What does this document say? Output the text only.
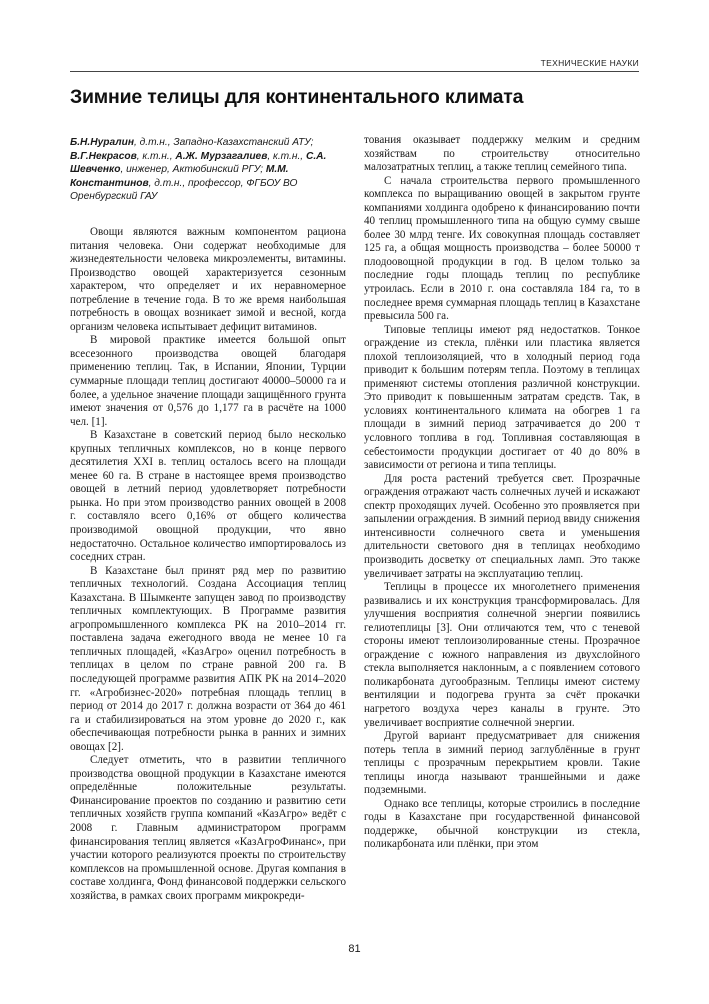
ТЕХНИЧЕСКИЕ НАУКИ
Зимние телицы для континентального климата

Б.Н.Нуралин, д.т.н., Западно-Казахстанский АТУ; В.Г.Некрасов, к.т.н., А.Ж. Мурзагалиев, к.т.н., С.А. Шевченко, инженер, Актюбинский РГУ; М.М. Константинов, д.т.н., профессор, ФГБОУ ВО Оренбургский ГАУ

Овощи являются важным компонентом рациона питания человека. Они содержат необходимые для жизнедеятельности человека микроэлементы, витамины. Производство овощей характеризуется сезонным характером, что определяет и их неравномерное потребление в течение года. В то же время наибольшая потребность в овощах возникает зимой и весной, когда организм человека испытывает дефицит витаминов.

В мировой практике имеется большой опыт всесезонного производства овощей благодаря применению теплиц. Так, в Испании, Японии, Турции суммарные площади теплиц достигают 40000–50000 га и более, а удельное значение площади защищённого грунта имеют значения от 0,576 до 1,177 га в расчёте на 1000 чел. [1].

В Казахстане в советский период было несколько крупных тепличных комплексов, но в конце первого десятилетия XXI в. теплиц осталось всего на площади менее 60 га. В стране в настоящее время производство овощей в летний период удовлетворяет потребности рынка. Но при этом производство ранних овощей в 2008 г. составляло всего 0,16% от общего количества производимой овощной продукции, что явно недостаточно. Остальное количество импортировалось из соседних стран.

В Казахстане был принят ряд мер по развитию тепличных технологий. Создана Ассоциация теплиц Казахстана. В Шымкенте запущен завод по производству тепличных комплектующих. В Программе развития агропромышленного комплекса РК на 2010–2014 гг. поставлена задача ежегодного ввода не менее 10 га тепличных площадей, «КазАгро» оценил потребность в теплицах в целом по стране равной 200 га. В последующей программе развития АПК РК на 2014–2020 гг. «Агробизнес-2020» потребная площадь теплиц в период от 2014 до 2017 г. должна возрасти от 364 до 461 га и стабилизироваться на этом уровне до 2020 г., как обеспечивающая потребности рынка в ранних и зимних овощах [2].

Следует отметить, что в развитии тепличного производства овощной продукции в Казахстане имеются определённые положительные результаты. Финансирование проектов по созданию и развитию сети тепличных хозяйств группа компаний «КазАгро» ведёт с 2008 г. Главным администратором программ финансирования теплиц является «КазАгроФинанс», при участии которого реализуются проекты по строительству комплексов на промышленной основе. Другая компания в составе холдинга, Фонд финансовой поддержки сельского хозяйства, в рамках своих программ микрокреди-

тования оказывает поддержку мелким и средним хозяйствам по строительству относительно малозатратных теплиц, а также теплиц семейного типа.

С начала строительства первого промышленного комплекса по выращиванию овощей в закрытом грунте компаниями холдинга одобрено к финансированию почти 40 теплиц промышленного типа на общую сумму свыше более 30 млрд тенге. Их совокупная площадь составляет 125 га, а общая мощность производства – более 50000 т плодоовощной продукции в год. В целом только за последние годы площадь теплиц по республике утроилась. Если в 2010 г. она составляла 184 га, то в последнее время суммарная площадь теплиц в Казахстане превысила 500 га.

Типовые теплицы имеют ряд недостатков. Тонкое ограждение из стекла, плёнки или пластика является плохой теплоизоляцией, что в холодный период года приводит к большим потерям тепла. Поэтому в теплицах применяют системы отопления различной конструкции. Это приводит к повышенным затратам средств. Так, в условиях континентального климата на обогрев 1 га площади в зимний период затрачивается до 200 т условного топлива в год. Топливная составляющая в себестоимости продукции достигает от 40 до 80% в зависимости от региона и типа теплицы.

Для роста растений требуется свет. Прозрачные ограждения отражают часть солнечных лучей и искажают спектр проходящих лучей. Особенно это проявляется при запылении ограждения. В зимний период ввиду снижения интенсивности солнечного света и уменьшения длительности светового дня в теплицах необходимо производить досветку от специальных ламп. Это также увеличивает затраты на эксплуатацию теплиц.

Теплицы в процессе их многолетнего применения развивались и их конструкция трансформировалась. Для улучшения восприятия солнечной энергии появились гелиотеплицы [3]. Они отличаются тем, что с теневой стороны имеют теплоизолированные стены. Прозрачное ограждение с южного направления из двухслойного стекла выполняется наклонным, а с появлением сотового поликарбоната дугообразным. Теплицы имеют систему вентиляции и подогрева грунта за счёт прокачки нагретого воздуха через каналы в грунте. Это увеличивает восприятие солнечной энергии.

Другой вариант предусматривает для снижения потерь тепла в зимний период заглублённые в грунт теплицы с прозрачным перекрытием кровли. Такие теплицы иногда называют траншейными и даже подземными.

Однако все теплицы, которые строились в последние годы в Казахстане при государственной финансовой поддержке, обычной конструкции из стекла, поликарбоната или плёнки, при этом

81
